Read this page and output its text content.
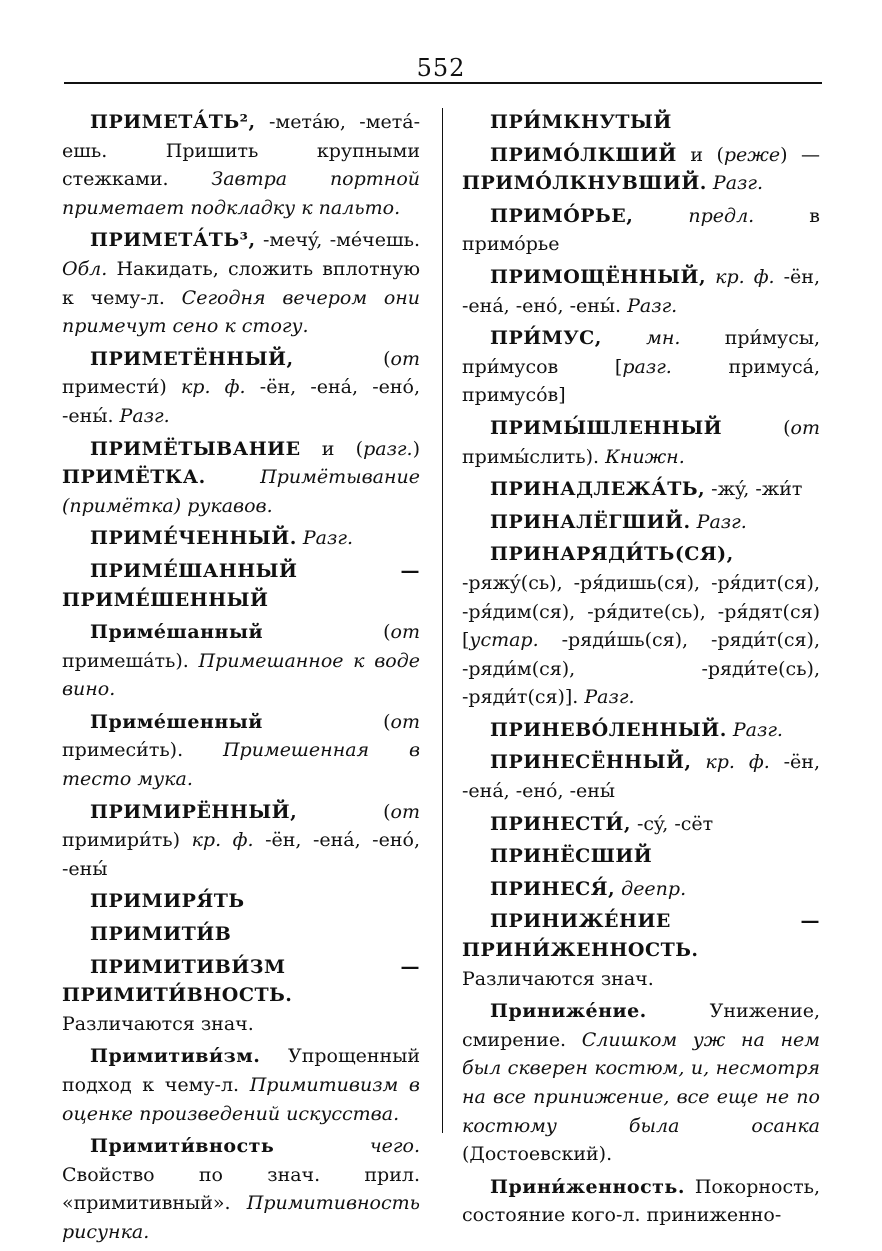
552

ПРИМЕТА́ТЬ², -метáю, -метá-ешь. Пришить крупными стежками. Завтра портной приметает подкладку к пальто.

ПРИМЕТА́ТЬ³, -мечý, -мéчешь. Обл. Накидать, сложить вплотную к чему-л. Сегодня вечером они примечут сено к стогу.

ПРИМЕТЁННЫЙ, (от примести́) кр. ф. -ён, -енá, -енó, -ены́. Разг.

ПРИМЁТЫВАНИЕ и (разг.) ПРИМЁТКА. Примётывание (примётка) рукавов.

ПРИМЕ́ЧЕННЫЙ. Разг.

ПРИМЕ́ШАННЫЙ — ПРИМЕ́ШЕННЫЙ

Приме́шанный (от примешáть). Примешанное к воде вино.

Приме́шенный (от примеси́ть). Примешенная в тесто мука.

ПРИМИРЁННЫЙ, (от примири́ть) кр. ф. -ён, -енá, -енó, -ены́

ПРИМИРЯ́ТЬ

ПРИМИТИ́В

ПРИМИТИВИ́ЗМ — ПРИМИТИ́ВНОСТЬ. Различаются знач.

Примитиви́зм. Упрощенный подход к чему-л. Примитивизм в оценке произведений искусства.

Примити́вность чего. Свойство по знач. прил. «примитивный». Примитивность рисунка.

ПРИ́МКНУТЫЙ

ПРИМО́ЛКШИЙ и (реже) — ПРИМО́ЛКНУВШИЙ. Разг.

ПРИМО́РЬЕ, предл. в примóрье

ПРИМОЩЁННЫЙ, кр. ф. -ён, -енá, -енó, -ены́. Разг.

ПРИ́МУС, мн. при́мусы, при́мусов [разг. примусá, примусóв]

ПРИМЫ́ШЛЕННЫЙ (от примы́слить). Книжн.

ПРИНАДЛЕЖА́ТЬ, -жý, -жи́т

ПРИНАЛЁГШИЙ. Разг.

ПРИНАРЯДИ́ТЬ(СЯ), -ряжý(сь), -ря́дишь(ся), -ря́дит(ся), -ря́дим(ся), -ря́дите(сь), -ря́дят(ся) [устар. -ряди́шь(ся), -ряди́т(ся), -ряди́м(ся), -ряди́те(сь), -ряди́т(ся)]. Разг.

ПРИНЕВО́ЛЕННЫЙ. Разг.

ПРИНЕСЁННЫЙ, кр. ф. -ён, -енá, -енó, -ены́

ПРИНЕСТИ́, -сý, -сёт

ПРИНЁСШИЙ

ПРИНЕСЯ́, деепр.

ПРИНИЖЕ́НИЕ — ПРИНИ́ЖЕННОСТЬ. Различаются знач.

Приниже́ние. Унижение, смирение. Слишком уж на нем был скверен костюм, и, несмотря на все принижение, все еще не по костюму была осанка (Достоевский).

Прини́женность. Покорность, состояние кого-л. приниженно-
